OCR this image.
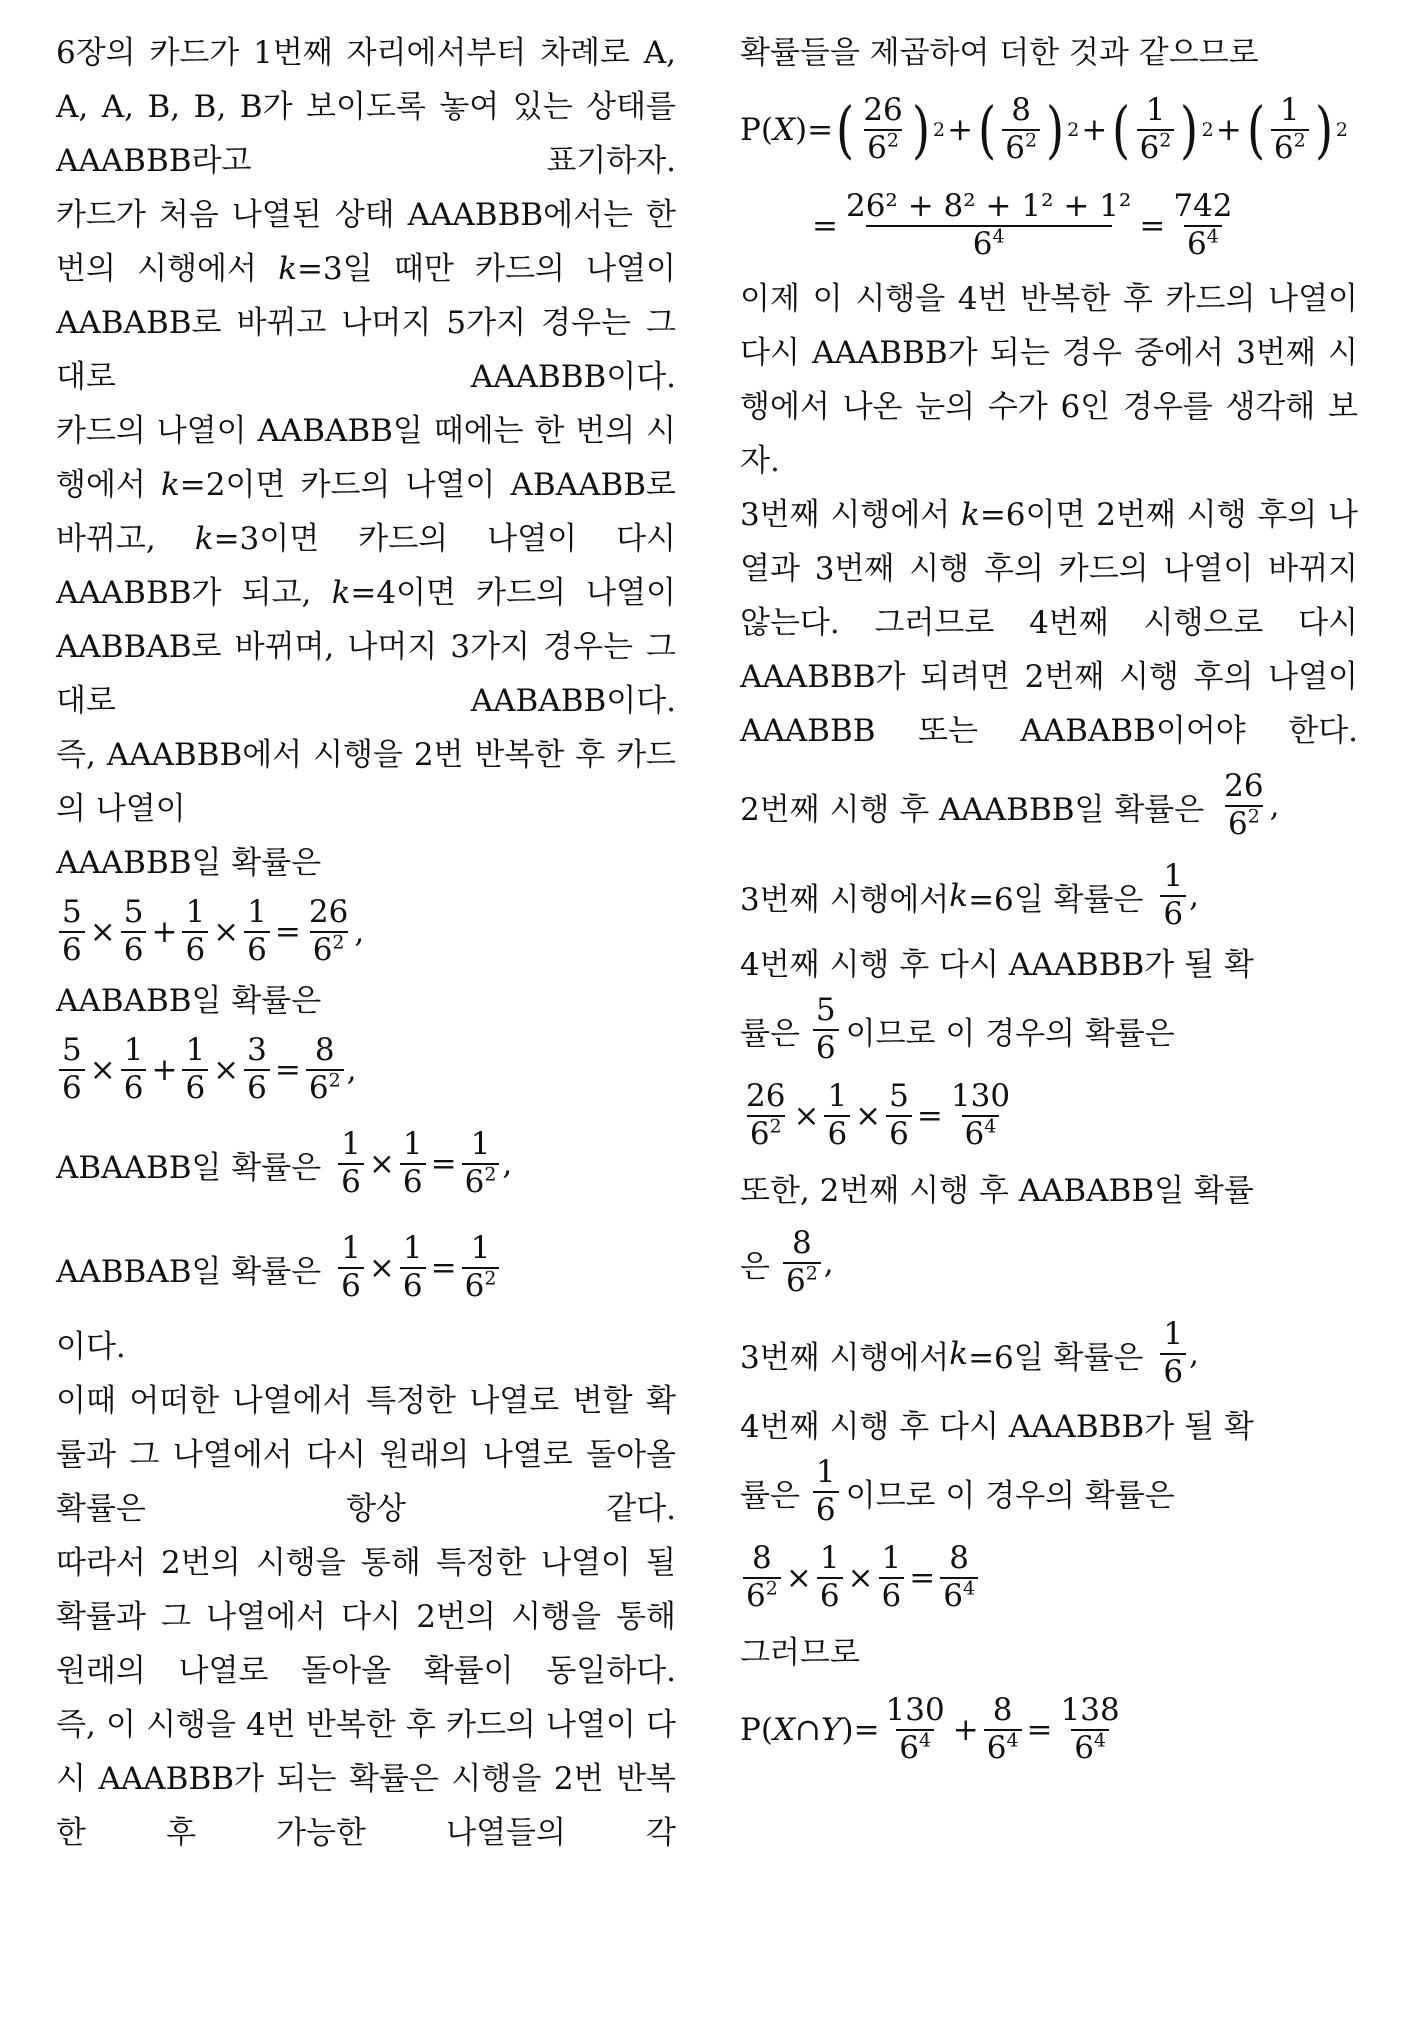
6장의 카드가 1번째 자리에서부터 차례로 A, A, A, B, B, B가 보이도록 놓여 있는 상태를 AAABBB라고 표기하자.
카드가 처음 나열된 상태 AAABBB에서는 한 번의 시행에서 k=3일 때만 카드의 나열이 AABABB로 바뀌고 나머지 5가지 경우는 그대로 AAABBB이다.
카드의 나열이 AABABB일 때에는 한 번의 시행에서 k=2이면 카드의 나열이 ABAABB로 바뀌고, k=3이면 카드의 나열이 다시 AAABBB가 되고, k=4이면 카드의 나열이 AABBAB로 바뀌며, 나머지 3가지 경우는 그대로 AABABB이다.
즉, AAABBB에서 시행을 2번 반복한 후 카드의 나열이
AAABBB일 확률은
$\frac{5}{6} \times \frac{5}{6} + \frac{1}{6} \times \frac{1}{6} = \frac{26}{6^2}$ ,
AABABB일 확률은
$\frac{5}{6} \times \frac{1}{6} + \frac{1}{6} \times \frac{3}{6} = \frac{8}{6^2}$ ,
ABAABB일 확률은 $\frac{1}{6} \times \frac{1}{6} = \frac{1}{6^2}$ ,
AABBAB일 확률은 $\frac{1}{6} \times \frac{1}{6} = \frac{1}{6^2}$
이다.
이때 어떠한 나열에서 특정한 나열로 변할 확률과 그 나열에서 다시 원래의 나열로 돌아올 확률은 항상 같다.
따라서 2번의 시행을 통해 특정한 나열이 될 확률과 그 나열에서 다시 2번의 시행을 통해 원래의 나열로 돌아올 확률이 동일하다.
즉, 이 시행을 4번 반복한 후 카드의 나열이 다시 AAABBB가 되는 확률은 시행을 2번 반복한 후 가능한 나열들의 각
확률들을 제곱하여 더한 것과 같으므로
P( X )= ( $\frac{26}{6^2}$ ) 2 + ( $\frac{8}{6^2}$ ) 2 + ( $\frac{1}{6^2}$ ) 2 + ( $\frac{1}{6^2}$ ) 2
= $\frac{\text{26² + 8² + 1² + 1²}}{6^4} = \frac{742}{6^4}$
이제 이 시행을 4번 반복한 후 카드의 나열이 다시 AAABBB가 되는 경우 중에서 3번째 시행에서 나온 눈의 수가 6인 경우를 생각해 보자.
3번째 시행에서 k=6이면 2번째 시행 후의 나열과 3번째 시행 후의 카드의 나열이 바뀌지 않는다. 그러므로 4번째 시행으로 다시 AAABBB가 되려면 2번째 시행 후의 나열이 AAABBB 또는 AABABB이어야 한다.
2번째 시행 후 AAABBB일 확률은 $\frac{26}{6^2}$ ,
3번째 시행에서 k =6일 확률은 $\frac{1}{6}$ ,
4번째 시행 후 다시 AAABBB가 될 확
률은 $\frac{5}{6}$ 이므로 이 경우의 확률은
$\frac{26}{6^2} \times \frac{1}{6} \times \frac{5}{6} = \frac{130}{6^4}$
또한, 2번째 시행 후 AABABB일 확률
은 $\frac{8}{6^2}$ ,
3번째 시행에서 k =6일 확률은 $\frac{1}{6}$ ,
4번째 시행 후 다시 AAABBB가 될 확
률은 $\frac{1}{6}$ 이므로 이 경우의 확률은
$\frac{8}{6^2} \times \frac{1}{6} \times \frac{1}{6} = \frac{8}{6^4}$
그러므로
P( X∩Y )= $\frac{130}{6^4} + \frac{8}{6^4} = \frac{138}{6^4}$
